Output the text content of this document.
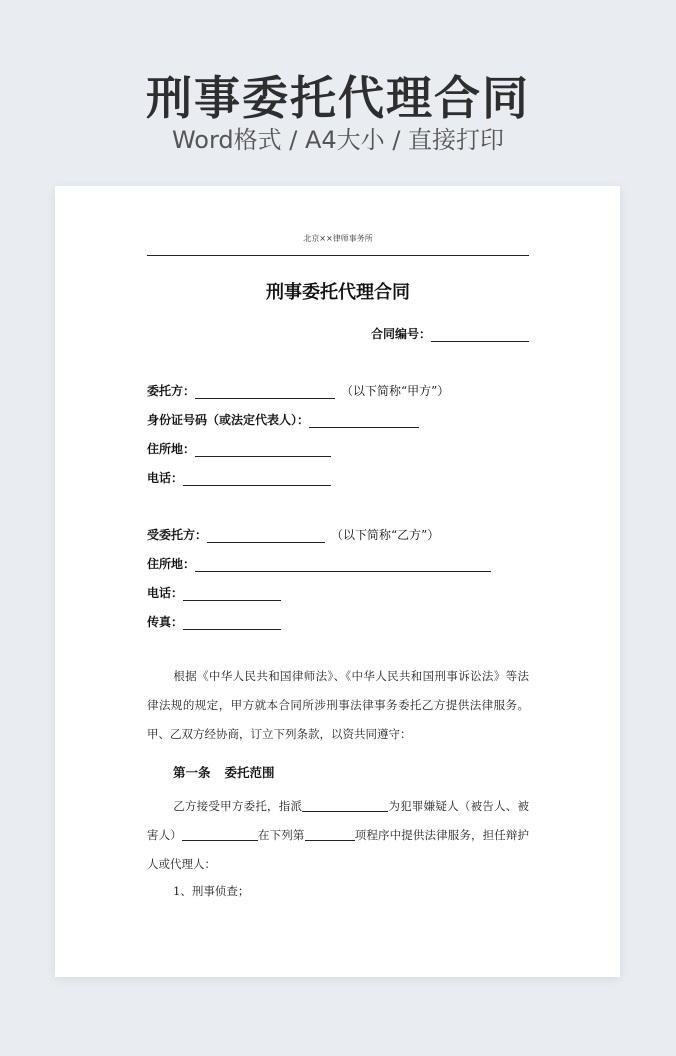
刑事委托代理合同
Word格式 / A4大小 / 直接打印
北京××律师事务所
刑事委托代理合同
合同编号：
委托方：	（以下简称“甲方”）
身份证号码（或法定代表人）：
住所地：
电话：
受委托方：	（以下简称“乙方”）
住所地：
电话：
传真：
根据《中华人民共和国律师法》、《中华人民共和国刑事诉讼法》等法律法规的规定，甲方就本合同所涉刑事法律事务委托乙方提供法律服务。甲、乙双方经协商，订立下列条款，以资共同遵守：
第一条 委托范围
乙方接受甲方委托，指派	为犯罪嫌疑人（被告人、被害人）	在下列第	项程序中提供法律服务，担任辩护人或代理人：
1、刑事侦查；
